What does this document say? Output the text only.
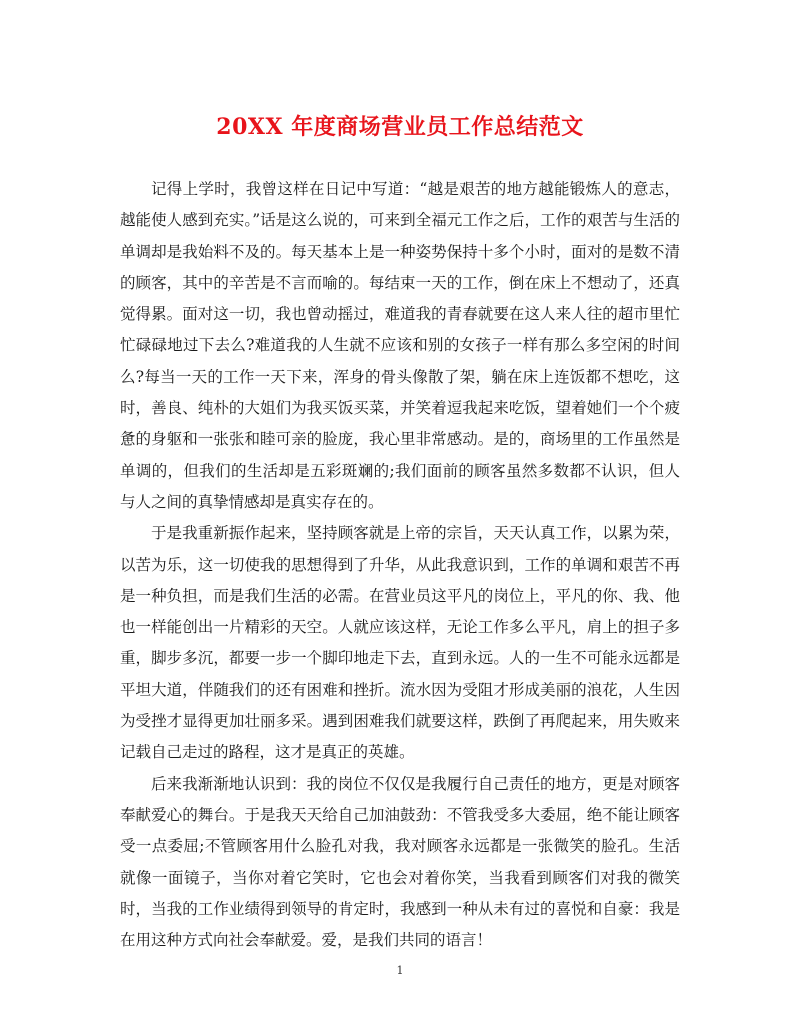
20XX 年度商场营业员工作总结范文

记得上学时，我曾这样在日记中写道：“越是艰苦的地方越能锻炼人的意志，越能使人感到充实。”话是这么说的，可来到全福元工作之后，工作的艰苦与生活的单调却是我始料不及的。每天基本上是一种姿势保持十多个小时，面对的是数不清的顾客，其中的辛苦是不言而喻的。每结束一天的工作，倒在床上不想动了，还真觉得累。面对这一切，我也曾动摇过，难道我的青春就要在这人来人往的超市里忙忙碌碌地过下去么?难道我的人生就不应该和别的女孩子一样有那么多空闲的时间么?每当一天的工作一天下来，浑身的骨头像散了架，躺在床上连饭都不想吃，这时，善良、纯朴的大姐们为我买饭买菜，并笑着逗我起来吃饭，望着她们一个个疲惫的身躯和一张张和睦可亲的脸庞，我心里非常感动。是的，商场里的工作虽然是单调的，但我们的生活却是五彩斑斓的;我们面前的顾客虽然多数都不认识，但人与人之间的真挚情感却是真实存在的。

于是我重新振作起来，坚持顾客就是上帝的宗旨，天天认真工作，以累为荣，以苦为乐，这一切使我的思想得到了升华，从此我意识到，工作的单调和艰苦不再是一种负担，而是我们生活的必需。在营业员这平凡的岗位上，平凡的你、我、他也一样能创出一片精彩的天空。人就应该这样，无论工作多么平凡，肩上的担子多重，脚步多沉，都要一步一个脚印地走下去，直到永远。人的一生不可能永远都是平坦大道，伴随我们的还有困难和挫折。流水因为受阻才形成美丽的浪花，人生因为受挫才显得更加壮丽多采。遇到困难我们就要这样，跌倒了再爬起来，用失败来记载自己走过的路程，这才是真正的英雄。

后来我渐渐地认识到：我的岗位不仅仅是我履行自己责任的地方，更是对顾客奉献爱心的舞台。于是我天天给自己加油鼓劲：不管我受多大委屈，绝不能让顾客受一点委屈;不管顾客用什么脸孔对我，我对顾客永远都是一张微笑的脸孔。生活就像一面镜子，当你对着它笑时，它也会对着你笑，当我看到顾客们对我的微笑时，当我的工作业绩得到领导的肯定时，我感到一种从未有过的喜悦和自豪：我是在用这种方式向社会奉献爱。爱，是我们共同的语言！

1
